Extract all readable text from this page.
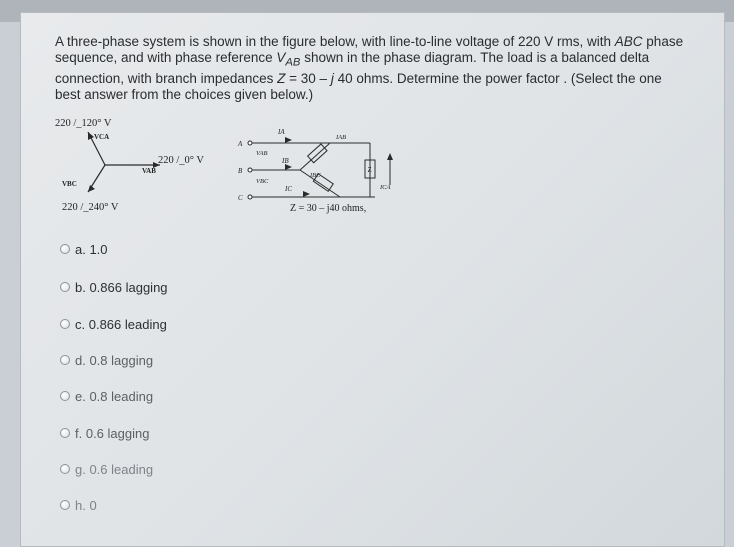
A three-phase system is shown in the figure below, with line-to-line voltage of 220 V rms, with ABC phase sequence, and with phase reference $V_{AB}$ shown in the phase diagram. The load is a balanced delta connection, with branch impedances Z = 30 – j 40 ohms. Determine the power factor . (Select the one best answer from the choices given below.)
220 /_120° V
VCA
220 /_0° V
VAB
VBC
220 /_240° V
Z
A
B
C
IA
IB
IC
VAB
VBC
IAB
IBC
ICA
Z = 30 – j40 ohms,
a. 1.0
b. 0.866 lagging
c. 0.866 leading
d. 0.8 lagging
e. 0.8 leading
f. 0.6 lagging
g. 0.6 leading
h. 0
